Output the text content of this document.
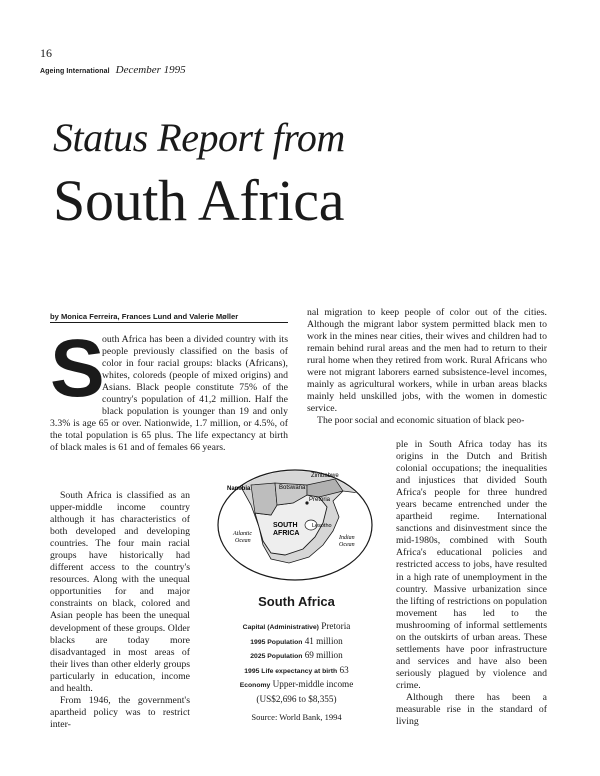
16
Ageing International December 1995
Status Report from
South Africa
by Monica Ferreira, Frances Lund and Valerie Møller
S

outh Africa has been a divided country with its people previously classified on the basis of color in four racial groups: blacks (Africans), whites, coloreds (people of mixed origins) and Asians. Black people constitute 75% of the country's population of 41,2 million. Half the black population is younger than 19 and only 3.3% is age 65 or over. Nationwide, 1.7 million, or 4.5%, of the total population is 65 plus. The life expectancy at birth of black males is 61 and of females 66 years.

South Africa is classified as an upper-middle income country although it has characteristics of both developed and developing countries. The four main racial groups have historically had different access to the country's resources. Along with the unequal opportunities for and major constraints on black, colored and Asian people has been the unequal development of these groups. Older blacks are today more disadvantaged in most areas of their lives than other elderly groups particularly in education, income and health.

From 1946, the government's apartheid policy was to restrict inter-

nal migration to keep people of color out of the cities. Although the migrant labor system permitted black men to work in the mines near cities, their wives and children had to remain behind rural areas and the men had to return to their rural home when they retired from work. Rural Africans who were not migrant laborers earned subsistence-level incomes, mainly as agricultural workers, while in urban areas blacks mainly held unskilled jobs, with the women in domestic service.

The poor social and economic situation of black peo-

ple in South Africa today has its origins in the Dutch and British colonial occupations; the inequalities and injustices that divided South Africa's people for three hundred years became entrenched under the apartheid regime. International sanctions and disinvestment since the mid-1980s, combined with South Africa's educational policies and restricted access to jobs, have resulted in a high rate of unemployment in the country. Massive urbanization since the lifting of restrictions on population movement has led to the mushrooming of informal settlements on the outskirts of urban areas. These settlements have poor infrastructure and services and have also been seriously plagued by violence and crime.

Although there has been a measurable rise in the standard of living

Namibia	Botswana
Zimbabwe
Pretoria
SOUTH
AFRICA
Lesotho
Atlantic
Ocean	Indian
Ocean
South Africa
Capital (Administrative) Pretoria
1995 Population 41 million
2025 Population 69 million
1995 Life expectancy at birth 63
Economy Upper-middle income
(US$2,696 to $8,355)
Source: World Bank, 1994
